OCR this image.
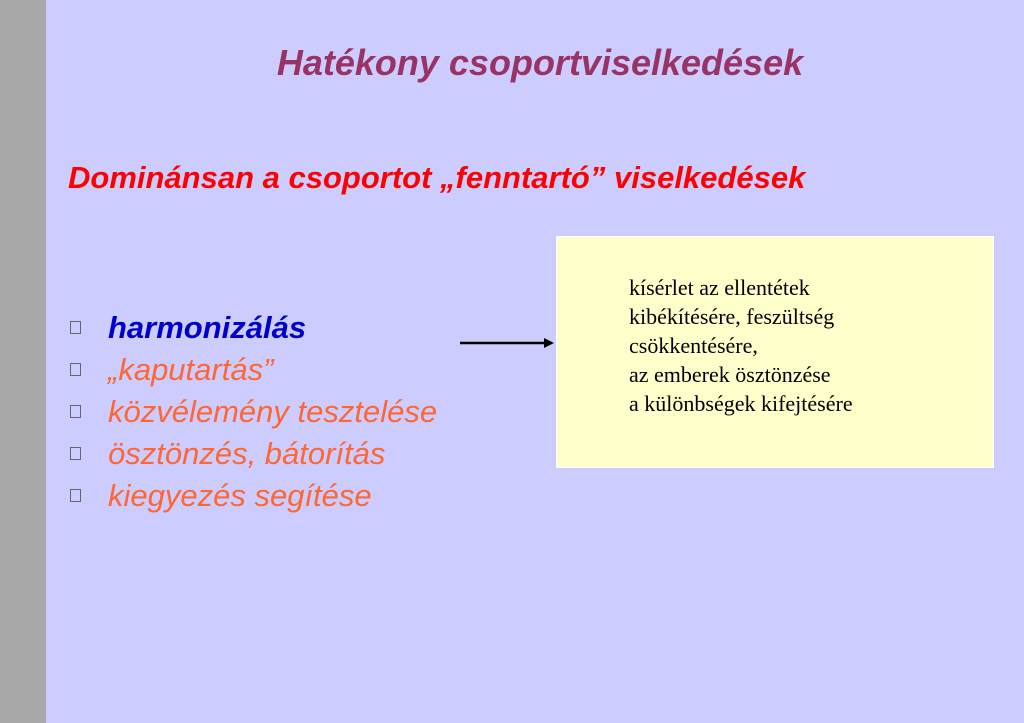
Hatékony csoportviselkedések
Dominánsan a csoportot „fenntartó” viselkedések
harmonizálás
„kaputartás”
közvélemény tesztelése
ösztönzés, bátorítás
kiegyezés segítése

kísérlet az ellentétek
kibékítésére, feszültség
csökkentésére,
az emberek ösztönzése
a különbségek kifejtésére
